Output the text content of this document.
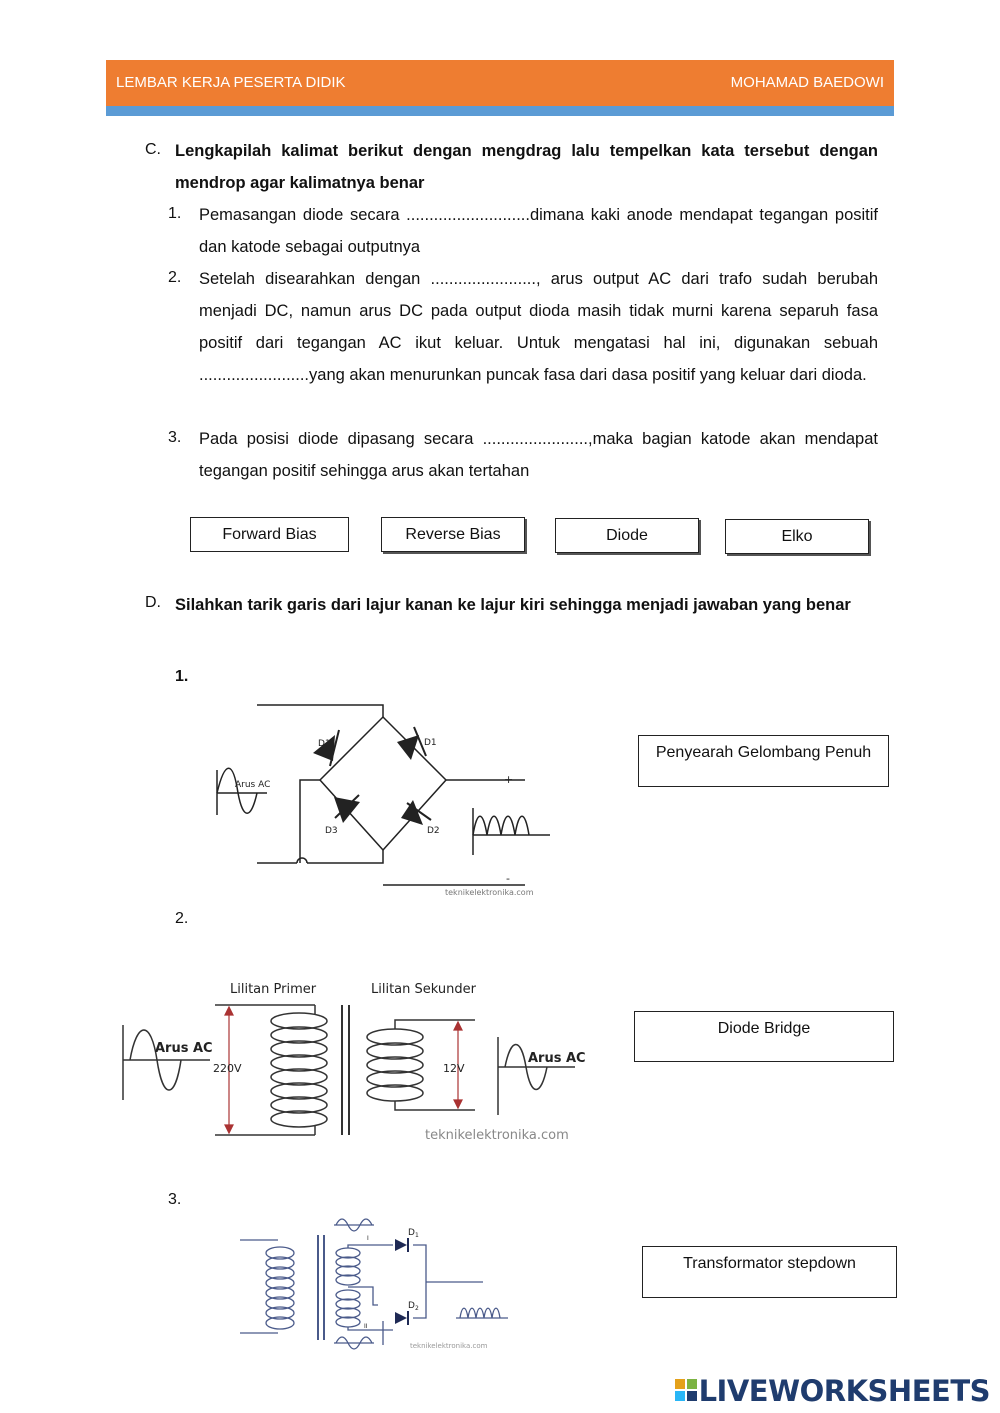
LEMBAR KERJA PESERTA DIDIK	MOHAMAD BAEDOWI
C. Lengkapilah kalimat berikut dengan mengdrag lalu tempelkan kata tersebut dengan mendrop agar kalimatnya benar
1. Pemasangan diode secara ...........................dimana kaki anode mendapat tegangan positif dan katode sebagai outputnya
2. Setelah disearahkan dengan ......................., arus output AC dari trafo sudah berubah menjadi DC, namun arus DC pada output dioda masih tidak murni karena separuh fasa positif dari tegangan AC ikut keluar. Untuk mengatasi hal ini, digunakan sebuah ........................yang akan menurunkan puncak fasa dari dasa positif yang keluar dari dioda.
3. Pada posisi diode dipasang secara .......................,maka bagian katode akan mendapat tegangan positif sehingga arus akan tertahan
Forward Bias	Reverse Bias	Diode	Elko
D. Silahkan tarik garis dari lajur kanan ke lajur kiri sehingga menjadi jawaban yang benar
1.
2.
3.
Penyearah Gelombang Penuh
Diode Bridge
Transformator stepdown
D1	D1
D3	D2
Arus AC	+
-
teknikelektronika.com
Lilitan Primer	Lilitan Sekunder
Arus AC
Arus AC
220V	12V
teknikelektronika.com
$D_1$
$D_2$
I
II
teknikelektronika.com
LIVEWORKSHEETS
